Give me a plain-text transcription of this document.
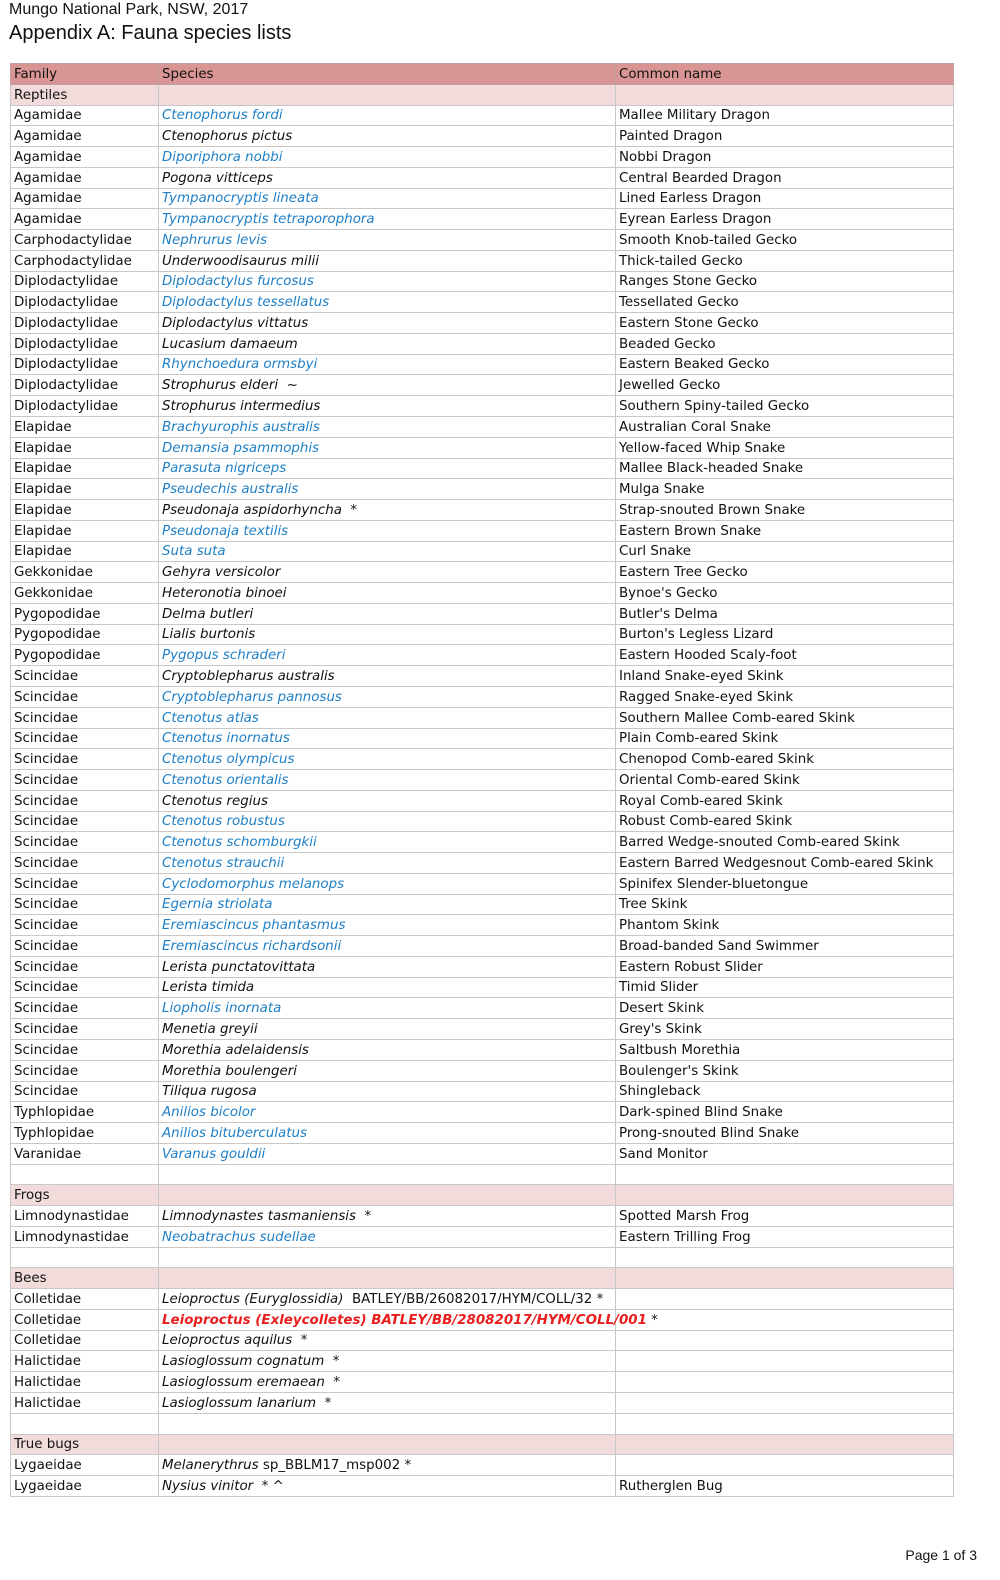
Mungo National Park, NSW, 2017
Appendix A: Fauna species lists
Family	Species	Common name
Reptiles		
Agamidae	Ctenophorus fordi	Mallee Military Dragon
Agamidae	Ctenophorus pictus	Painted Dragon
Agamidae	Diporiphora nobbi	Nobbi Dragon
Agamidae	Pogona vitticeps	Central Bearded Dragon
Agamidae	Tympanocryptis lineata	Lined Earless Dragon
Agamidae	Tympanocryptis tetraporophora	Eyrean Earless Dragon
Carphodactylidae	Nephrurus levis	Smooth Knob-tailed Gecko
Carphodactylidae	Underwoodisaurus milii	Thick-tailed Gecko
Diplodactylidae	Diplodactylus furcosus	Ranges Stone Gecko
Diplodactylidae	Diplodactylus tessellatus	Tessellated Gecko
Diplodactylidae	Diplodactylus vittatus	Eastern Stone Gecko
Diplodactylidae	Lucasium damaeum	Beaded Gecko
Diplodactylidae	Rhynchoedura ormsbyi	Eastern Beaked Gecko
Diplodactylidae	Strophurus elderi  ~	Jewelled Gecko
Diplodactylidae	Strophurus intermedius	Southern Spiny-tailed Gecko
Elapidae	Brachyurophis australis	Australian Coral Snake
Elapidae	Demansia psammophis	Yellow-faced Whip Snake
Elapidae	Parasuta nigriceps	Mallee Black-headed Snake
Elapidae	Pseudechis australis	Mulga Snake
Elapidae	Pseudonaja aspidorhyncha  *	Strap-snouted Brown Snake
Elapidae	Pseudonaja textilis	Eastern Brown Snake
Elapidae	Suta suta	Curl Snake
Gekkonidae	Gehyra versicolor	Eastern Tree Gecko
Gekkonidae	Heteronotia binoei	Bynoe's Gecko
Pygopodidae	Delma butleri	Butler's Delma
Pygopodidae	Lialis burtonis	Burton's Legless Lizard
Pygopodidae	Pygopus schraderi	Eastern Hooded Scaly-foot
Scincidae	Cryptoblepharus australis	Inland Snake-eyed Skink
Scincidae	Cryptoblepharus pannosus	Ragged Snake-eyed Skink
Scincidae	Ctenotus atlas	Southern Mallee Comb-eared Skink
Scincidae	Ctenotus inornatus	Plain Comb-eared Skink
Scincidae	Ctenotus olympicus	Chenopod Comb-eared Skink
Scincidae	Ctenotus orientalis	Oriental Comb-eared Skink
Scincidae	Ctenotus regius	Royal Comb-eared Skink
Scincidae	Ctenotus robustus	Robust Comb-eared Skink
Scincidae	Ctenotus schomburgkii	Barred Wedge-snouted Comb-eared Skink
Scincidae	Ctenotus strauchii	Eastern Barred Wedgesnout Comb-eared Skink
Scincidae	Cyclodomorphus melanops	Spinifex Slender-bluetongue
Scincidae	Egernia striolata	Tree Skink
Scincidae	Eremiascincus phantasmus	Phantom Skink
Scincidae	Eremiascincus richardsonii	Broad-banded Sand Swimmer
Scincidae	Lerista punctatovittata	Eastern Robust Slider
Scincidae	Lerista timida	Timid Slider
Scincidae	Liopholis inornata	Desert Skink
Scincidae	Menetia greyii	Grey's Skink
Scincidae	Morethia adelaidensis	Saltbush Morethia
Scincidae	Morethia boulengeri	Boulenger's Skink
Scincidae	Tiliqua rugosa	Shingleback
Typhlopidae	Anilios bicolor	Dark-spined Blind Snake
Typhlopidae	Anilios bituberculatus	Prong-snouted Blind Snake
Varanidae	Varanus gouldii	Sand Monitor

Frogs		
Limnodynastidae	Limnodynastes tasmaniensis  *	Spotted Marsh Frog
Limnodynastidae	Neobatrachus sudellae	Eastern Trilling Frog

Bees		
Colletidae	Leioproctus (Euryglossidia)  BATLEY/BB/26082017/HYM/COLL/32 *	
Colletidae	Leioproctus (Exleycolletes) BATLEY/BB/28082017/HYM/COLL/001 *	
Colletidae	Leioproctus aquilus  *	
Halictidae	Lasioglossum cognatum  *	
Halictidae	Lasioglossum eremaean  *	
Halictidae	Lasioglossum lanarium  *	

True bugs		
Lygaeidae	Melanerythrus sp_BBLM17_msp002 *	
Lygaeidae	Nysius vinitor  * ^	Rutherglen Bug
Page 1 of 3
